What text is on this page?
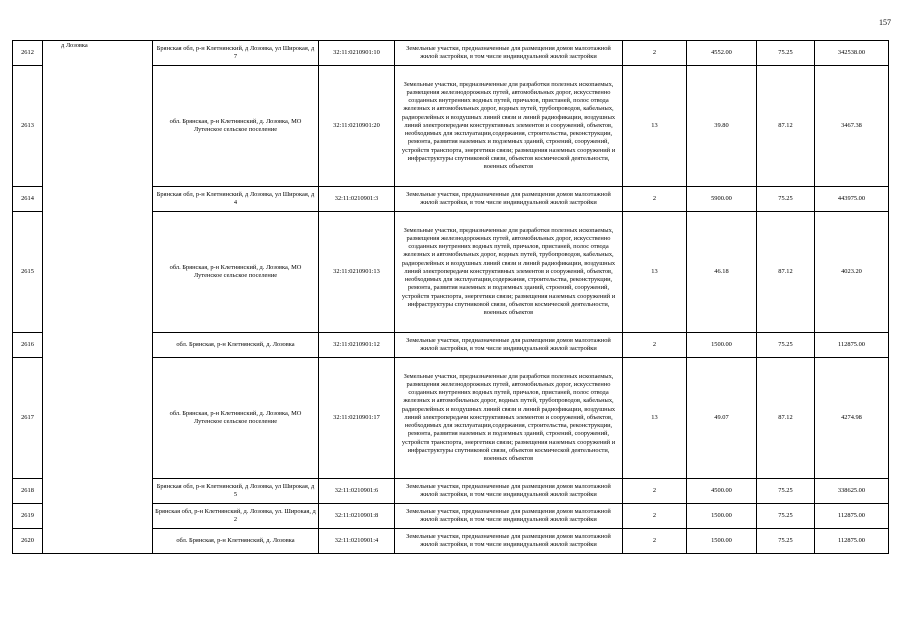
157
2612	д Лозовка	Брянская обл, р-н Клетнянский, д Лозовка, ул Широкая, д 7	32:11:0210901:10	Земельные участки, предназначенные для размещения домов малоэтажной жилой застройки, в том числе индивидуальной жилой застройки	2	4552.00	75.25	342538.00
2613		обл. Брянская, р-н Клетнянский, д. Лозовка, МО Лутенское сельское поселение	32:11:0210901:20	Земельные участки, предназначенные для разработки полезных ископаемых, размещения железнодорожных путей, автомобильных дорог, искусственно созданных внутренних водных путей, причалов, пристаней, полос отвода железных и автомобильных дорог, водных путей, трубопроводов, кабельных, радиорелейных и воздушных линий связи и линий радиофикации, воздушных линий электропередачи конструктивных элементов и сооружений, объектов, необходимых для эксплуатации,содержания, строительства, реконструкции, ремонта, развития наземных и подземных зданий, строений, сооружений, устройств транспорта, энергетики связи; размещения наземных сооружений и инфраструктуры спутниковой связи, объектов космической деятельности, военных объектов	13	39.80	87.12	3467.38
2614		Брянская обл, р-н Клетнянский, д Лозовка, ул Широкая, д 4	32:11:0210901:3	Земельные участки, предназначенные для размещения домов малоэтажной жилой застройки, в том числе индивидуальной жилой застройки	2	5900.00	75.25	443975.00
2615		обл. Брянская, р-н Клетнянский, д. Лозовка, МО Лутенское сельское поселение	32:11:0210901:13	Земельные участки, предназначенные для разработки полезных ископаемых, размещения железнодорожных путей, автомобильных дорог, искусственно созданных внутренних водных путей, причалов, пристаней, полос отвода железных и автомобильных дорог, водных путей, трубопроводов, кабельных, радиорелейных и воздушных линий связи и линий радиофикации, воздушных линий электропередачи конструктивных элементов и сооружений, объектов, необходимых для эксплуатации,содержания, строительства, реконструкции, ремонта, развития наземных и подземных зданий, строений, сооружений, устройств транспорта, энергетики связи; размещения наземных сооружений и инфраструктуры спутниковой связи, объектов космической деятельности, военных объектов	13	46.18	87.12	4023.20
2616		обл. Брянская, р-н Клетнянский, д. Лозовка	32:11:0210901:12	Земельные участки, предназначенные для размещения домов малоэтажной жилой застройки, в том числе индивидуальной жилой застройки	2	1500.00	75.25	112875.00
2617		обл. Брянская, р-н Клетнянский, д. Лозовка, МО Лутенское сельское поселение	32:11:0210901:17	Земельные участки, предназначенные для разработки полезных ископаемых, размещения железнодорожных путей, автомобильных дорог, искусственно созданных внутренних водных путей, причалов, пристаней, полос отвода железных и автомобильных дорог, водных путей, трубопроводов, кабельных, радиорелейных и воздушных линий связи и линий радиофикации, воздушных линий электропередачи конструктивных элементов и сооружений, объектов, необходимых для эксплуатации,содержания, строительства, реконструкции, ремонта, развития наземных и подземных зданий, строений, сооружений, устройств транспорта, энергетики связи; размещения наземных сооружений и инфраструктуры спутниковой связи, объектов космической деятельности, военных объектов	13	49.07	87.12	4274.98
2618		Брянская обл, р-н Клетнянский, д Лозовка, ул Широкая, д 5	32:11:0210901:6	Земельные участки, предназначенные для размещения домов малоэтажной жилой застройки, в том числе индивидуальной жилой застройки	2	4500.00	75.25	338625.00
2619		Брянская обл, р-н Клетнянский, д. Лозовка, ул. Широкая, д 2	32:11:0210901:8	Земельные участки, предназначенные для размещения домов малоэтажной жилой застройки, в том числе индивидуальной жилой застройки	2	1500.00	75.25	112875.00
2620		обл. Брянская, р-н Клетнянский, д. Лозовка	32:11:0210901:4	Земельные участки, предназначенные для размещения домов малоэтажной жилой застройки, в том числе индивидуальной жилой застройки	2	1500.00	75.25	112875.00
